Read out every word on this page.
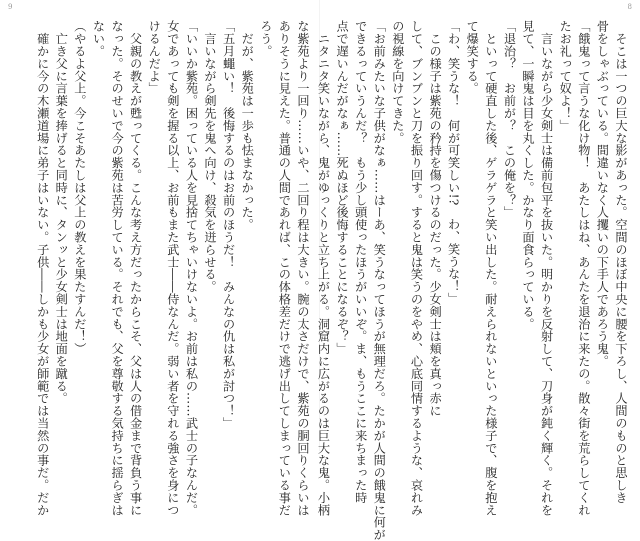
9
な紫苑より一回り……いや、二回り程は大きい。腕の太さだけで、紫苑の胴回りくらいは
ありそうに見えた。普通の人間であれば、この体格差だけで逃げ出してしまっている事だ
ろう。
　だが、紫苑は一歩も怯まなかった。
「五月蠅い！　後悔するのはお前のほうだ！　みんなの仇は私が討つ！」
　言いながら剣先を鬼へ向け、殺気を迸らせる。
「いいか紫苑。困っている人を見捨てちゃいけないよ。お前は私の……武士の子なんだ。
女であっても剣を握る以上、お前もまた武士――侍なんだ。弱い者を守れる強さを身につ
けるんだよ」
　父親の教えが甦ってくる。こんな考え方だったからこそ、父は人の借金まで背負う事に
なった。そのせいで今の紫苑は苦労している。それでも、父を尊敬する気持ちに揺らぎは
ない。
（やるよ父上。今こそあたしは父上の教えを果たすんだ！）
　亡き父に言葉を捧げると同時に、タンッと少女剣士は地面を蹴る。
　確かに今の木瀬道場に弟子はいない。子供――しかも少女が師範では当然の事だ。だか
8
　そこは一つの巨大な影があった。空間のほぼ中央に腰を下ろし、人間のものと思しき
骨をしゃぶっている。間違いなく人攫いの下手人であろう鬼。
「餓鬼って言うな化け物！　あたしはね、あんたを退治に来たの。散々街を荒らしてくれ
たお礼って奴よ！」
　言いながら少女剣士は備前包平を抜いた。明かりを反射して、刀身が鈍く輝く。それを
見て、一瞬鬼は目を丸くした。かなり面食らっている。
「退治？　お前が？　この俺を？」
　といって硬直した後、ゲラゲラと笑い出した。耐えられないといった様子で、腹を抱え
て爆笑する。
「わ、笑うな！　何が可笑しい!?　わ、笑うな！」
　この様子は紫苑の矜持を傷つけるのだった。少女剣士は頬を真っ赤に
して、ブンブンと刀を振り回す。すると鬼は笑うのをやめ、心底同情するような、哀れみ
の視線を向けてきた。
「お前みたいな子供がなぁ……はーあ、笑うなってほうが無理だろ。たかが人間の餓鬼に何が
できるっていうんだ？　もう少し頭使ったほうがいいぞ。ま、もうここに来ちまった時
点で遅いんだがなぁ……死ぬほど後悔することになるぞ？」
　ニタニタ笑いながら、鬼がゆっくりと立ち上がる。洞窟内に広がるのは巨大な鬼。小柄
